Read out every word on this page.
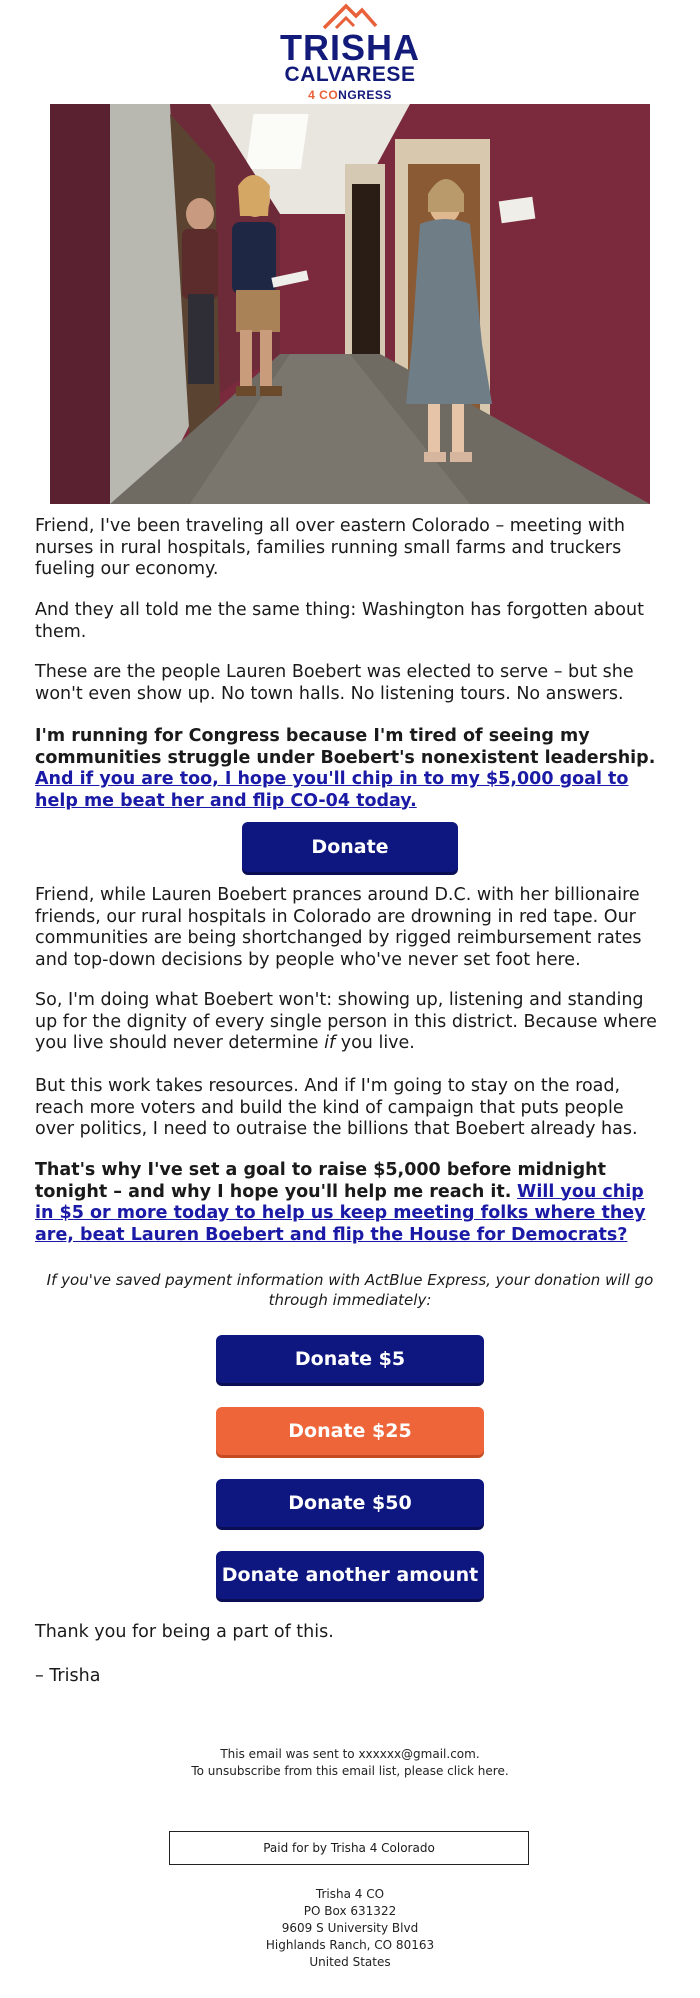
TRISHA
CALVARESE
4 CONGRESS

Friend, I've been traveling all over eastern Colorado – meeting with nurses in rural hospitals, families running small farms and truckers fueling our economy.

And they all told me the same thing: Washington has forgotten about them.

These are the people Lauren Boebert was elected to serve – but she won't even show up. No town halls. No listening tours. No answers.

I'm running for Congress because I'm tired of seeing my communities struggle under Boebert's nonexistent leadership. And if you are too, I hope you'll chip in to my $5,000 goal to help me beat her and flip CO-04 today.

Donate

Friend, while Lauren Boebert prances around D.C. with her billionaire friends, our rural hospitals in Colorado are drowning in red tape. Our communities are being shortchanged by rigged reimbursement rates and top-down decisions by people who've never set foot here.

So, I'm doing what Boebert won't: showing up, listening and standing up for the dignity of every single person in this district. Because where you live should never determine if you live.

But this work takes resources. And if I'm going to stay on the road, reach more voters and build the kind of campaign that puts people over politics, I need to outraise the billions that Boebert already has.

That's why I've set a goal to raise $5,000 before midnight tonight – and why I hope you'll help me reach it. Will you chip in $5 or more today to help us keep meeting folks where they are, beat Lauren Boebert and flip the House for Democrats?

If you've saved payment information with ActBlue Express, your donation will go through immediately:
Donate $5
Donate $25
Donate $50
Donate another amount
Thank you for being a part of this.
– Trisha
This email was sent to xxxxxx@gmail.com.
To unsubscribe from this email list, please click here.
Paid for by Trisha 4 Colorado
Trisha 4 CO
PO Box 631322
9609 S University Blvd
Highlands Ranch, CO 80163
United States
